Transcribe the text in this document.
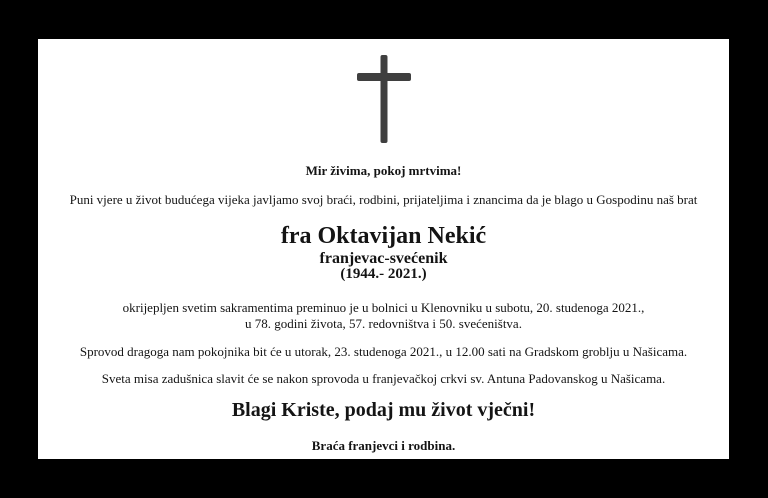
Mir živima, pokoj mrtvima!

Puni vjere u život budućega vijeka javljamo svoj braći, rodbini, prijateljima i znancima da je blago u Gospodinu naš brat

fra Oktavijan Nekić

franjevac-svećenik

(1944.- 2021.)

okrijepljen svetim sakramentima preminuo je u bolnici u Klenovniku u subotu, 20. studenoga 2021.,

u 78. godini života, 57. redovništva i 50. svećeništva.

Sprovod dragoga nam pokojnika bit će u utorak, 23. studenoga 2021., u 12.00 sati na Gradskom groblju u Našicama.

Sveta misa zadušnica slavit će se nakon sprovoda u franjevačkoj crkvi sv. Antuna Padovanskog u Našicama.

Blagi Kriste, podaj mu život vječni!

Braća franjevci i rodbina.
